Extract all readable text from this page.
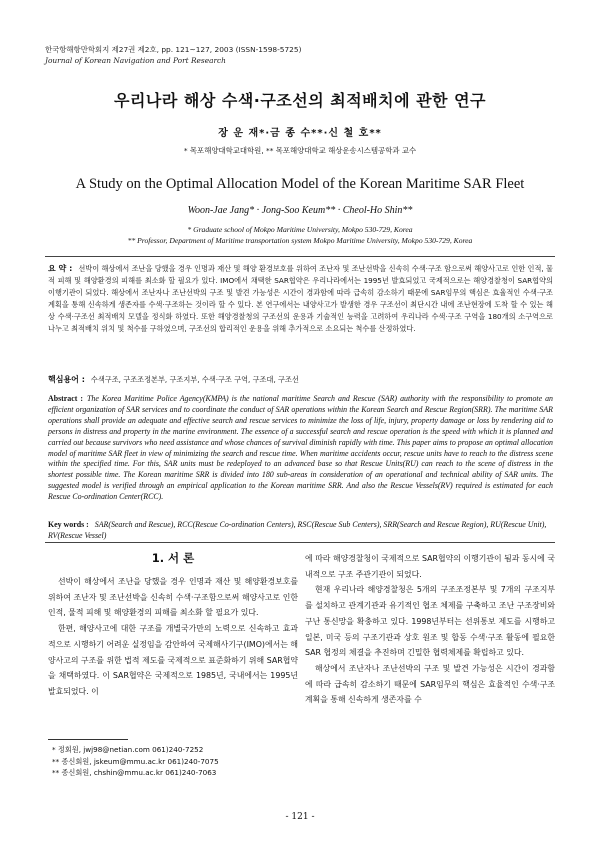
한국항해항만학회지 제27권 제2호, pp. 121~127, 2003 (ISSN-1598-5725)
Journal of Korean Navigation and Port Research
우리나라 해상 수색·구조선의 최적배치에 관한 연구
장 운 재*·금 종 수**·신 철 호**
* 목포해양대학교대학원, ** 목포해양대학교 해상운송시스템공학과 교수
A Study on the Optimal Allocation Model of the Korean Maritime SAR Fleet
Woon-Jae Jang* · Jong-Soo Keum** · Cheol-Ho Shin**
* Graduate school of Mokpo Maritime University, Mokpo 530-729, Korea
** Professor, Department of Maritime transportation system Mokpo Maritime University, Mokpo 530-729, Korea
요 약 : 선박이 해상에서 조난을 당했을 경우 인명과 재산 및 해양 환경보호를 위하여 조난자 및 조난선박을 신속히 수색·구조 함으로써 해양사고로 인한 인적, 물적 피해 및 해양환경의 피해를 최소화 할 필요가 있다. IMO에서 채택한 SAR협약은 우리나라에서는 1995년 발효되었고 국제적으로는 해양경찰청이 SAR협약의 이행기관이 되었다. 해상에서 조난자나 조난선박의 구조 및 발견 가능성은 시간이 경과함에 따라 급속히 감소하기 때문에 SAR임무의 핵심은 효율적인 수색·구조 계획을 통해 신속하게 생존자를 수색·구조하는 것이라 할 수 있다. 본 연구에서는 내양사고가 발생한 경우 구조선이 최단시간 내에 조난현장에 도착 할 수 있는 해상 수색·구조선 최적배치 모델을 정식화 하였다. 또한 해양경찰청의 구조선의 운용과 기술적인 능력을 고려하여 우리나라 수색·구조 구역을 180개의 소구역으로 나누고 최적배치 위치 및 척수를 구하였으며, 구조선의 합리적인 운용을 위해 추가적으로 소요되는 척수를 산정하였다.
핵심용어 : 수색구조, 구조조정본부, 구조지부, 수색·구조 구역, 구조대, 구조선
Abstract : The Korea Maritime Police Agency(KMPA) is the national maritime Search and Rescue (SAR) authority with the responsibility to promote an efficient organization of SAR services and to coordinate the conduct of SAR operations within the Korean Search and Rescue Region(SRR). The maritime SAR operations shall provide an adequate and effective search and rescue services to minimize the loss of life, injury, property damage or loss by rendering aid to persons in distress and property in the marine environment. The essence of a successful search and rescue operation is the speed with which it is planned and carried out because survivors who need assistance and whose chances of survival diminish rapidly with time. This paper aims to propose an optimal allocation model of maritime SAR fleet in view of minimizing the search and rescue time. When maritime accidents occur, rescue units have to reach to the distress scene within the specified time. For this, SAR units must be redeployed to an advanced base so that Rescue Units(RU) can reach to the scene of distress in the shortest possible time. The Korean maritime SRR is divided into 180 sub-areas in consideration of an operational and technical ability of SAR units. The suggested model is verified through an empirical application to the Korean maritime SRR. And also the Rescue Vessels(RV) required is estimated for each Rescue Co-ordination Center(RCC).
Key words : SAR(Search and Rescue), RCC(Rescue Co-ordination Centers), RSC(Rescue Sub Centers), SRR(Search and Rescue Region), RU(Rescue Unit), RV(Rescue Vessel)
1. 서 론

선박이 해상에서 조난을 당했을 경우 인명과 재산 및 해양환경보호를 위하여 조난자 및 조난선박을 신속히 수색·구조함으로써 해양사고로 인한 인적, 물적 피해 및 해양환경의 피해를 최소화 할 필요가 있다.

한편, 해양사고에 대한 구조를 개별국가만의 노력으로 신속하고 효과적으로 시행하기 어려운 실정임을 감안하여 국제해사기구(IMO)에서는 해양사고의 구조를 위한 법적 제도를 국제적으로 표준화하기 위해 SAR협약을 채택하였다. 이 SAR협약은 국제적으로 1985년, 국내에서는 1995년 발효되었다. 이

에 따라 해양경찰청이 국제적으로 SAR협약의 이행기관이 됨과 동시에 국내적으로 구조 주관기관이 되었다.

현재 우리나라 해양경찰청은 5개의 구조조정본부 및 7개의 구조지부를 설치하고 관계기관과 유기적인 협조 체제를 구축하고 조난 구조장비와 구난 통신망을 확충하고 있다. 1998년부터는 선위통보 제도를 시행하고 일본, 미국 등의 구조기관과 상호 원조 및 합동 수색·구조 활동에 필요한 SAR 협정의 체결을 추진하며 긴밀한 협력체제를 확립하고 있다.

해상에서 조난자나 조난선박의 구조 및 발견 가능성은 시간이 경과함에 따라 급속히 감소하기 때문에 SAR임무의 핵심은 효율적인 수색·구조 계획을 통해 신속하게 생존자를 수

* 정회원, jwj98@netian.com 061)240-7252
** 종신회원, jskeum@mmu.ac.kr 061)240-7075
** 종신회원, chshin@mmu.ac.kr 061)240-7063
- 121 -
